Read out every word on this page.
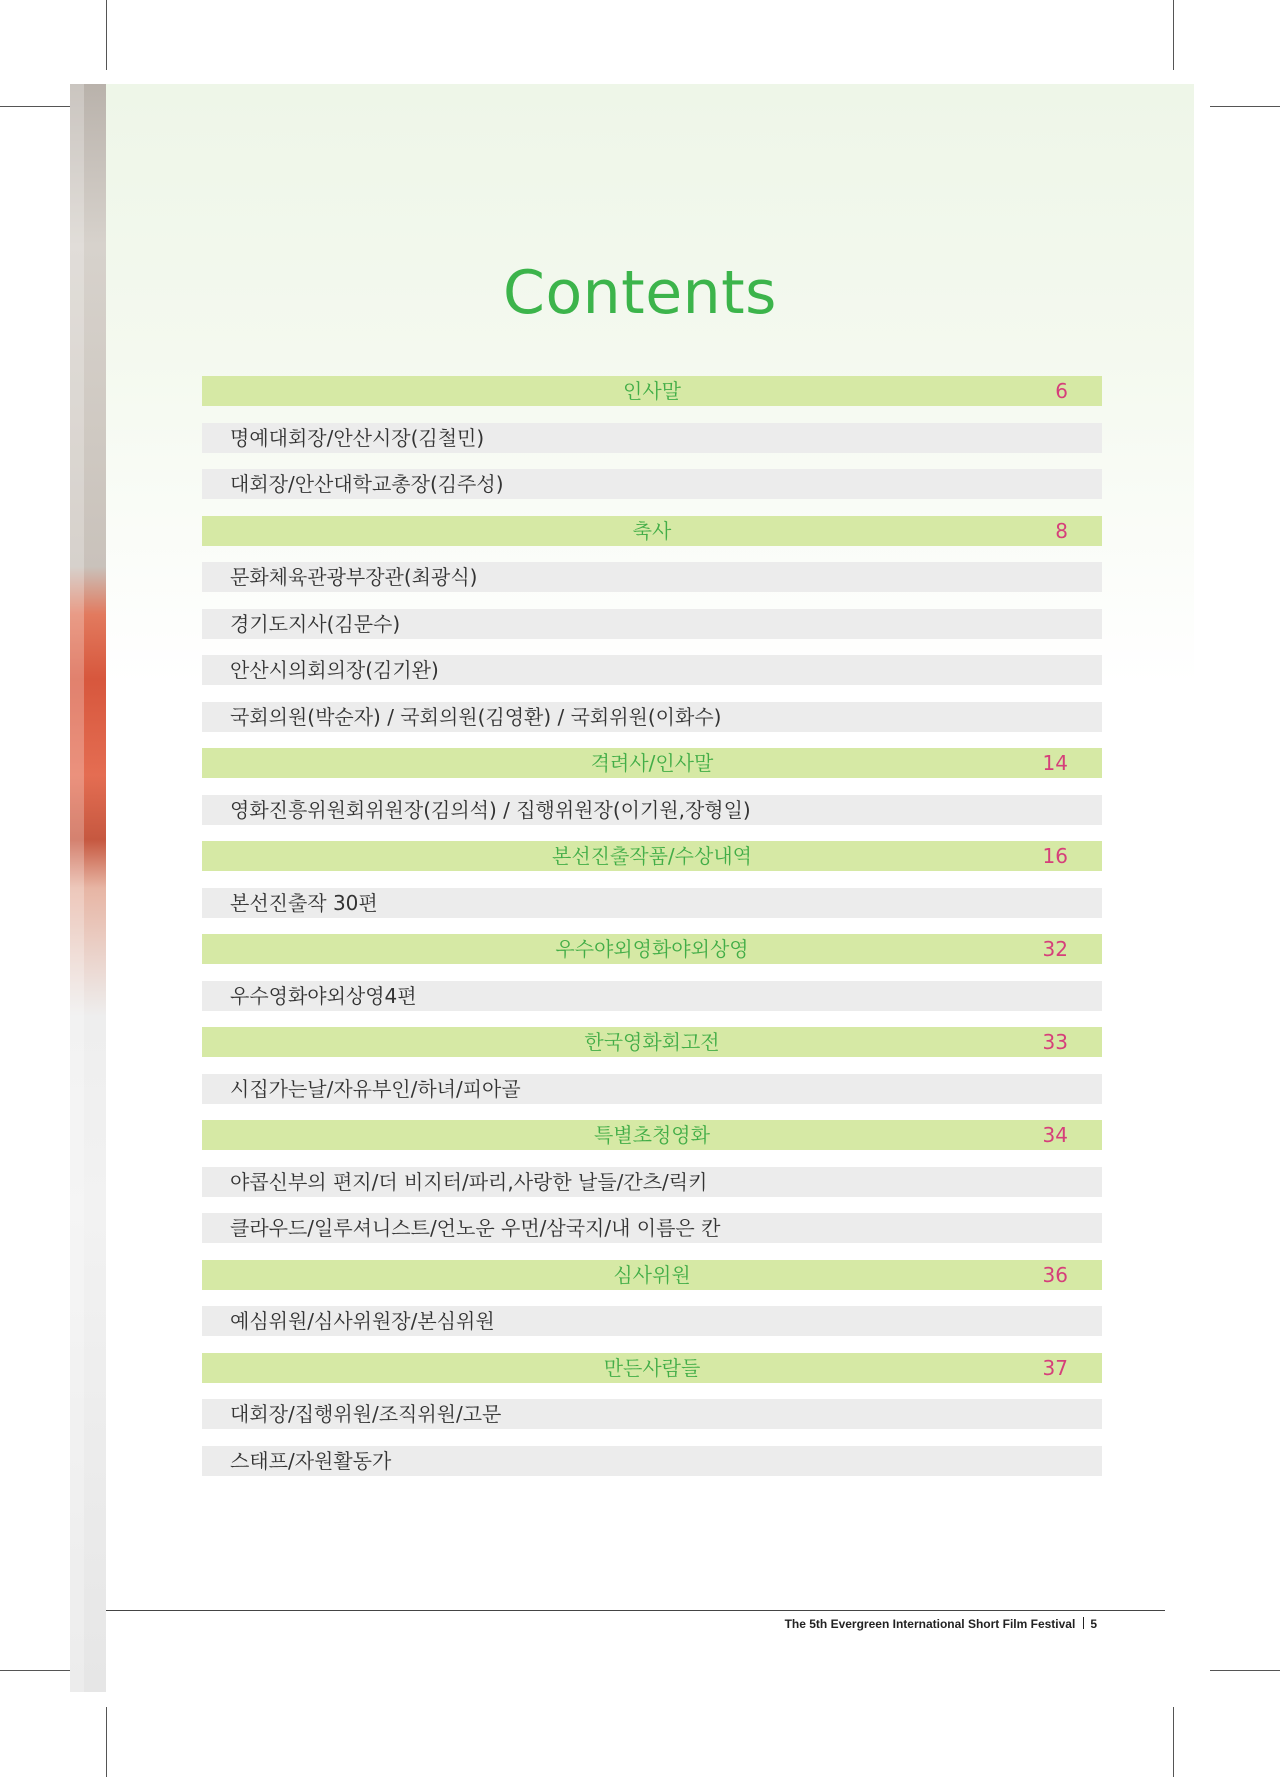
Contents
인사말	6
명예대회장/안산시장(김철민)
대회장/안산대학교총장(김주성)
축사	8
문화체육관광부장관(최광식)
경기도지사(김문수)
안산시의회의장(김기완)
국회의원(박순자) / 국회의원(김영환) / 국회위원(이화수)
격려사/인사말	14
영화진흥위원회위원장(김의석) / 집행위원장(이기원,장형일)
본선진출작품/수상내역	16
본선진출작 30편
우수야외영화야외상영	32
우수영화야외상영4편
한국영화회고전	33
시집가는날/자유부인/하녀/피아골
특별초청영화	34
야콥신부의 편지/더 비지터/파리,사랑한 날들/간츠/릭키
클라우드/일루셔니스트/언노운 우먼/삼국지/내 이름은 칸
심사위원	36
예심위원/심사위원장/본심위원
만든사람들	37
대회장/집행위원/조직위원/고문
스태프/자원활동가
The 5th Evergreen International Short Film Festival 5
